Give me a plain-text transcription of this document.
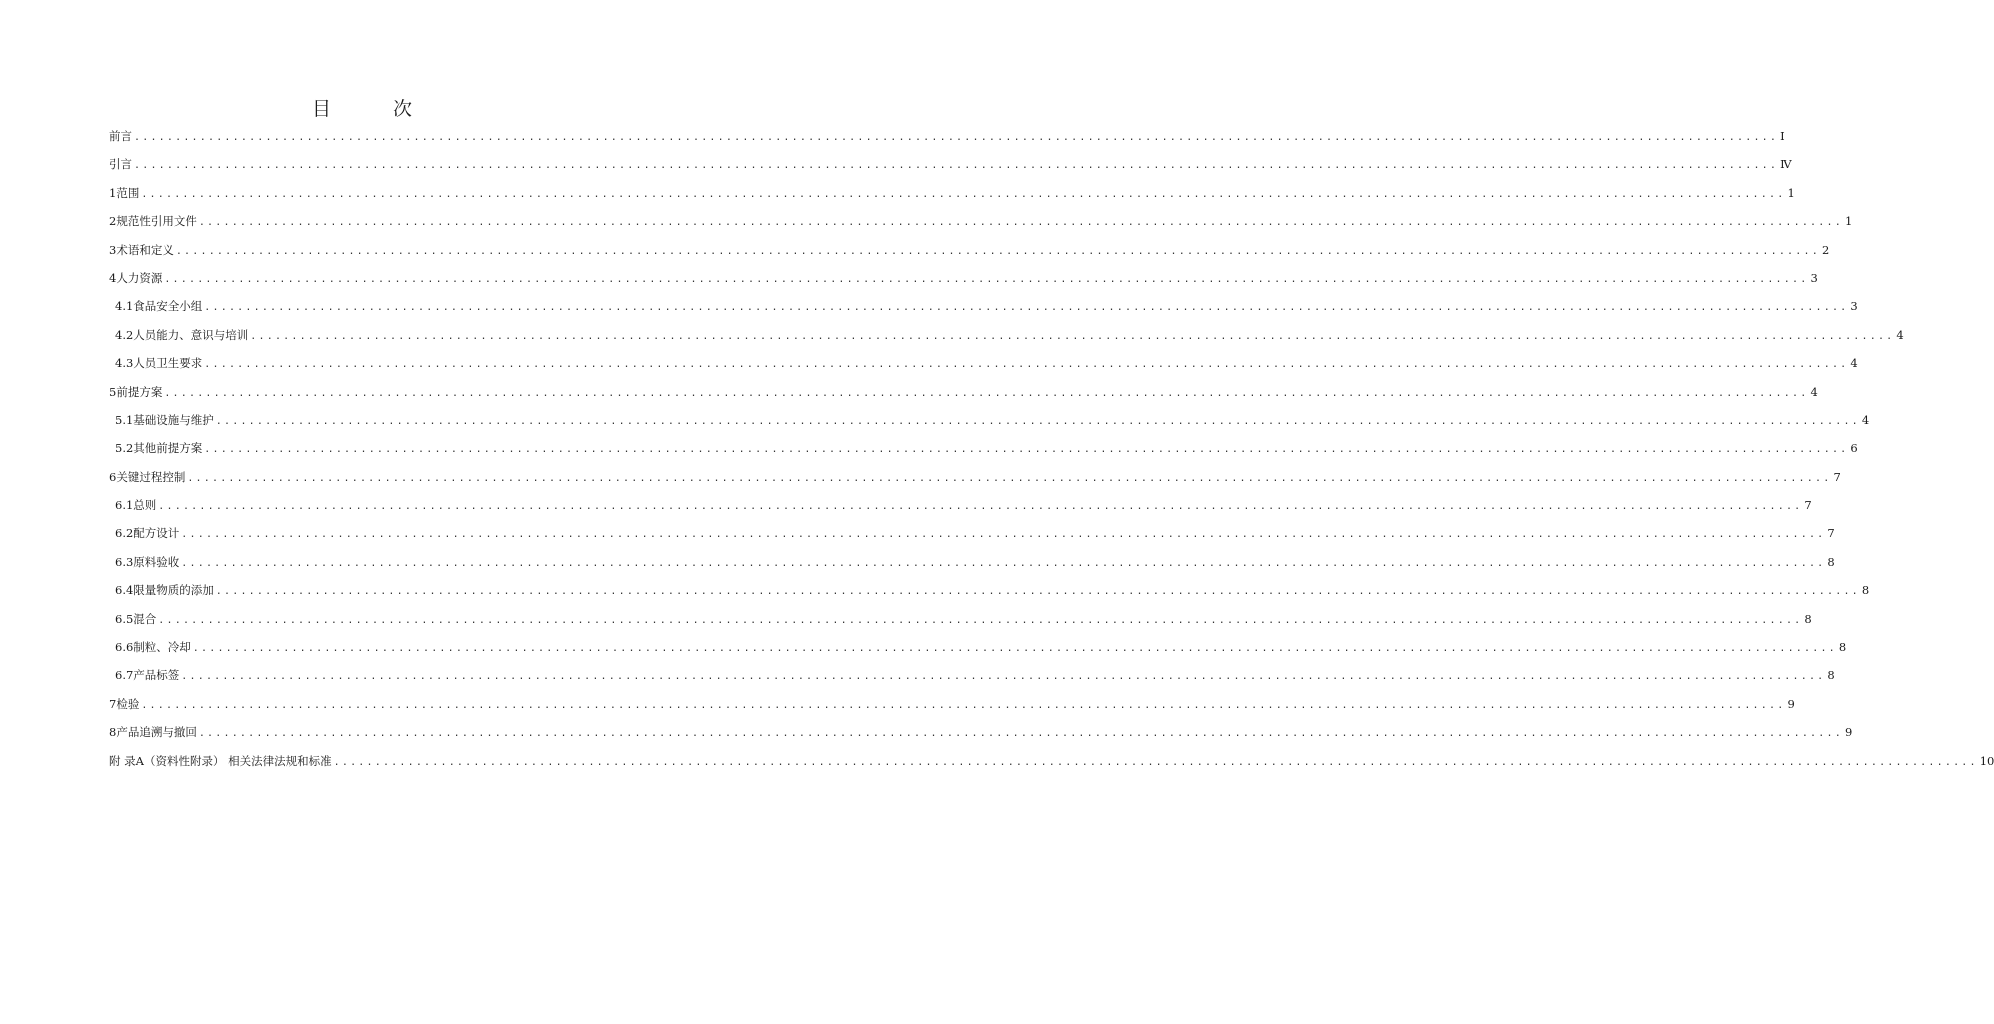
目 次
前 言 ........................................................................................................................................................................................................ Ⅰ
引 言 ........................................................................................................................................................................................................ Ⅳ
1 范围 ........................................................................................................................................................................................................ 1
2 规范性引用文件 ........................................................................................................................................................................................................ 1
3 术语和定义 ........................................................................................................................................................................................................ 2
4 人力资源 ........................................................................................................................................................................................................ 3
4.1 食品安全小组 ........................................................................................................................................................................................................ 3
4.2 人员能力、意识与培训 ........................................................................................................................................................................................................ 4
4.3 人员卫生要求 ........................................................................................................................................................................................................ 4
5 前提方案 ........................................................................................................................................................................................................ 4
5.1 基础设施与维护 ........................................................................................................................................................................................................ 4
5.2 其他前提方案 ........................................................................................................................................................................................................ 6
6 关键过程控制 ........................................................................................................................................................................................................ 7
6.1 总则 ........................................................................................................................................................................................................ 7
6.2 配方设计 ........................................................................................................................................................................................................ 7
6.3 原料验收 ........................................................................................................................................................................................................ 8
6.4 限量物质的添加 ........................................................................................................................................................................................................ 8
6.5 混合 ........................................................................................................................................................................................................ 8
6.6 制粒、冷却 ........................................................................................................................................................................................................ 8
6.7 产品标签 ........................................................................................................................................................................................................ 8
7 检验 ........................................................................................................................................................................................................ 9
8 产品追溯与撤回 ........................................................................................................................................................................................................ 9
附 录 A（资料性附录） 相关法律法规和标准 ........................................................................................................................................................................................................ 10
